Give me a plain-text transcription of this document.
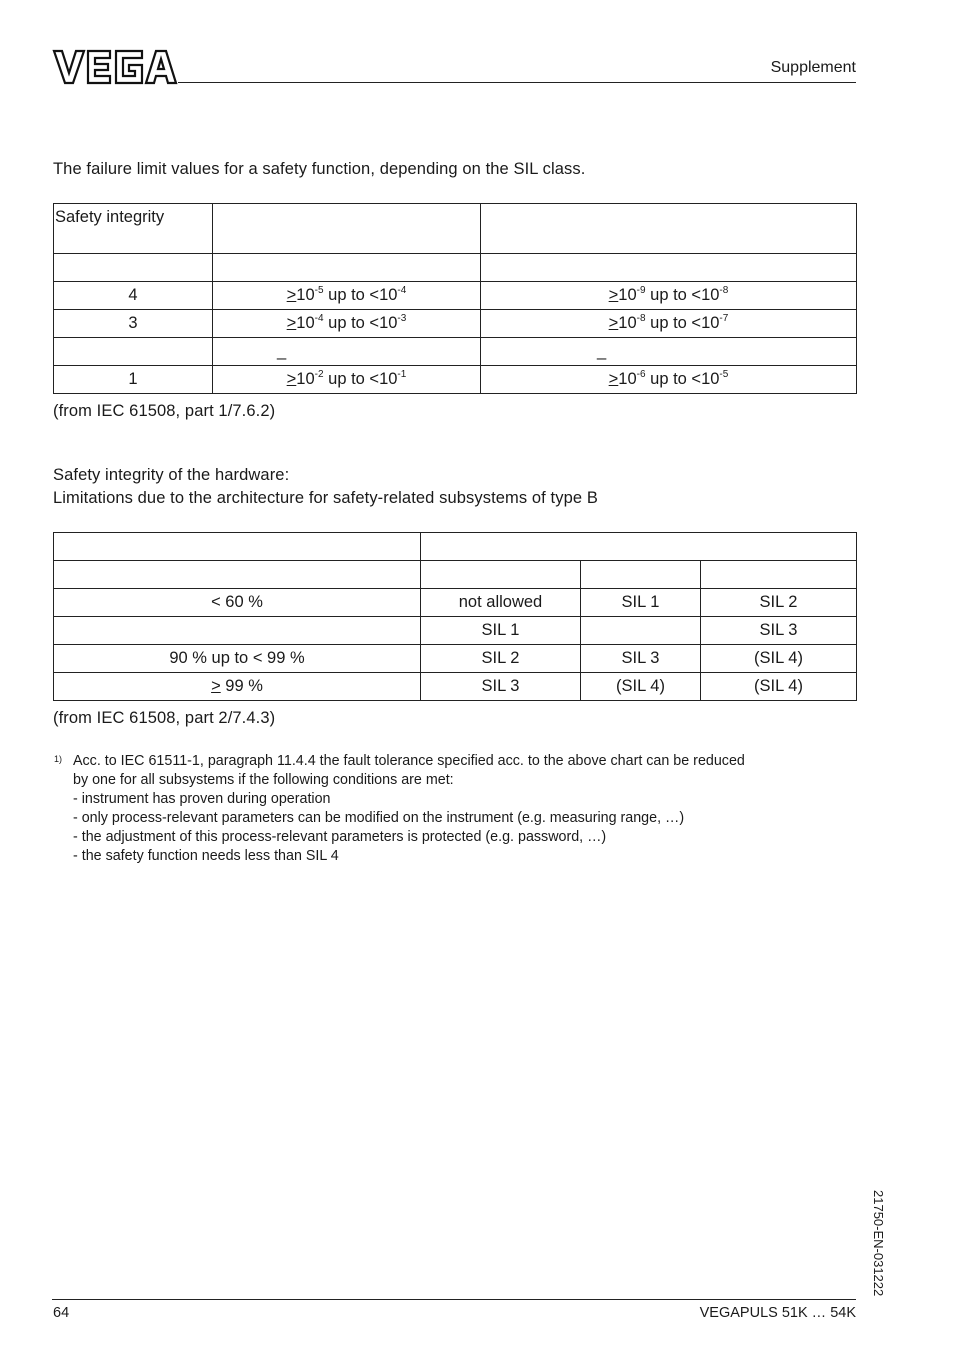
Supplement
The failure limit values for a safety function, depending on the SIL class.
Safety integrity		

4	$>10^{-5}$ up to $<10^{-4}$	$>10^{-9}$ up to $<10^{-8}$
3	$>10^{-4}$ up to $<10^{-3}$	$>10^{-8}$ up to $<10^{-7}$
	_	_
1	$>10^{-2}$ up to $<10^{-1}$	$>10^{-6}$ up to $<10^{-5}$
(from IEC 61508, part 1/7.6.2)
Safety integrity of the hardware:
Limitations due to the architecture for safety-related subsystems of type B

< 60 %	not allowed	SIL 1	SIL 2
	SIL 1		SIL 3
90 % up to < 99 %	SIL 2	SIL 3	(SIL 4)
> 99 %	SIL 3	(SIL 4)	(SIL 4)
(from IEC 61508, part 2/7.4.3)
1) Acc. to IEC 61511-1, paragraph 11.4.4 the fault tolerance specified acc. to the above chart can be reduced
by one for all subsystems if the following conditions are met:
- instrument has proven during operation
- only process-relevant parameters can be modified on the instrument (e.g. measuring range, …)
- the adjustment of this process-relevant parameters is protected (e.g. password, …)
- the safety function needs less than SIL 4
21750-EN-031222
64	VEGAPULS 51K … 54K
